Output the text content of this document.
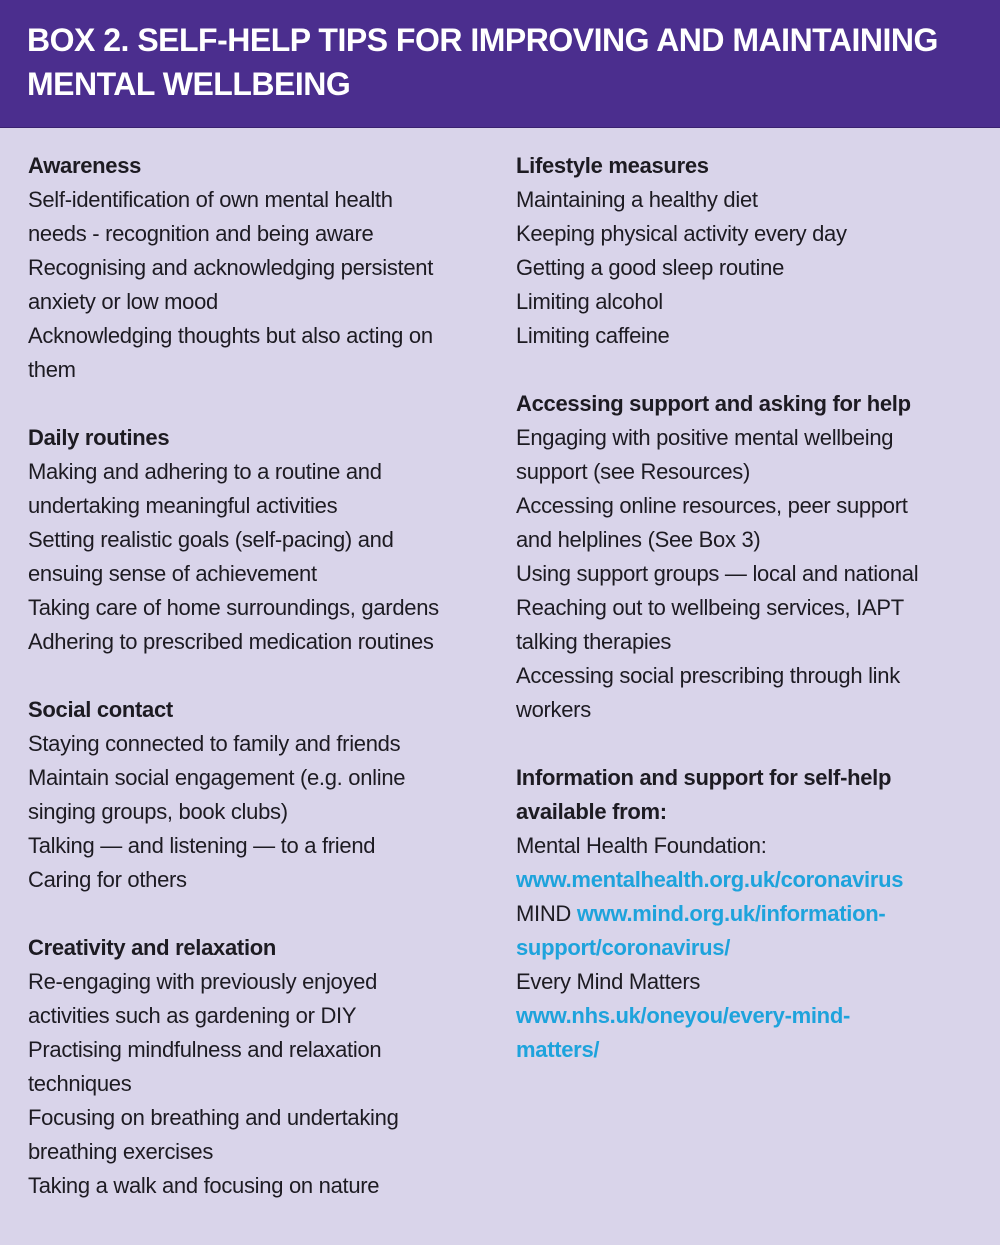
BOX 2. SELF-HELP TIPS FOR IMPROVING AND MAINTAINING
MENTAL WELLBEING
Awareness
Self-identification of own mental health
needs - recognition and being aware
Recognising and acknowledging persistent
anxiety or low mood
Acknowledging thoughts but also acting on
them
Daily routines
Making and adhering to a routine and
undertaking meaningful activities
Setting realistic goals (self-pacing) and
ensuing sense of achievement
Taking care of home surroundings, gardens
Adhering to prescribed medication routines
Social contact
Staying connected to family and friends
Maintain social engagement (e.g. online
singing groups, book clubs)
Talking — and listening — to a friend
Caring for others
Creativity and relaxation
Re-engaging with previously enjoyed
activities such as gardening or DIY
Practising mindfulness and relaxation
techniques
Focusing on breathing and undertaking
breathing exercises
Taking a walk and focusing on nature
Lifestyle measures
Maintaining a healthy diet
Keeping physical activity every day
Getting a good sleep routine
Limiting alcohol
Limiting caffeine
Accessing support and asking for help
Engaging with positive mental wellbeing
support (see Resources)
Accessing online resources, peer support
and helplines (See Box 3)
Using support groups — local and national
Reaching out to wellbeing services, IAPT
talking therapies
Accessing social prescribing through link
workers
Information and support for self-help
available from:
Mental Health Foundation:
www.mentalhealth.org.uk/coronavirus
MIND www.mind.org.uk/information-
support/coronavirus/
Every Mind Matters
www.nhs.uk/oneyou/every-mind-
matters/
